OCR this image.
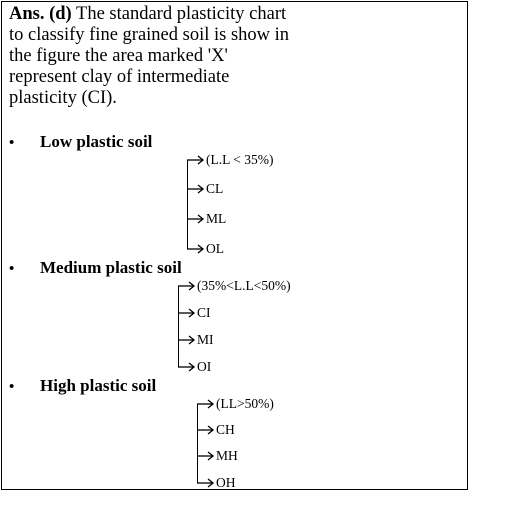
Ans. (d) The standard plasticity chart to classify fine grained soil is show in the figure the area marked 'X' represent clay of intermediate plasticity (CI).
• Low plastic soil
(L.L < 35%)
CL
ML
OL
• Medium plastic soil
(35%<L.L<50%)
CI
MI
OI
• High plastic soil
(LL>50%)
CH
MH
OH
